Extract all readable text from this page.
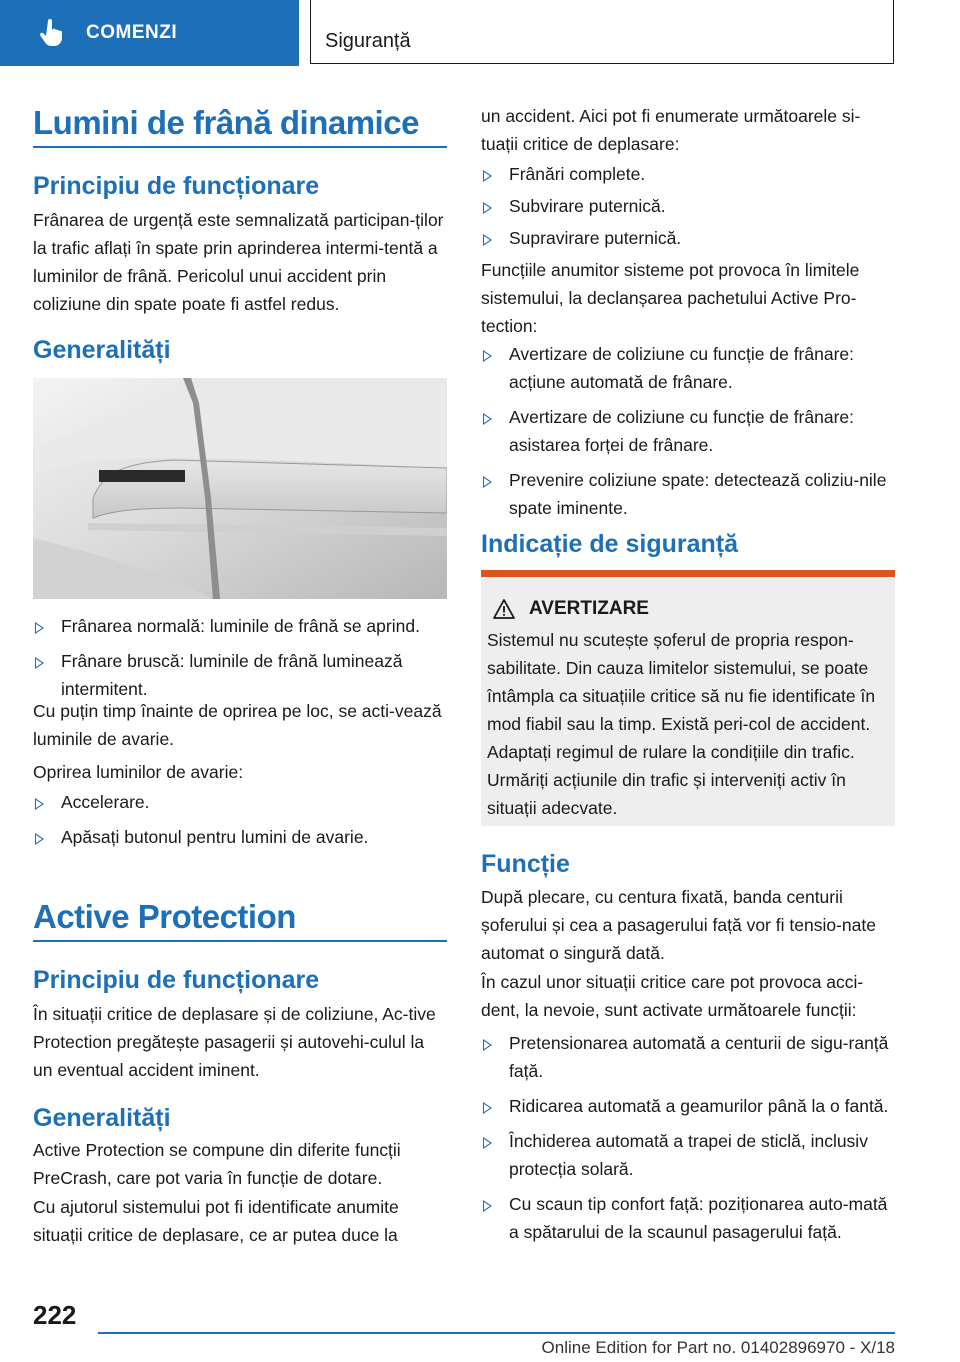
COMENZI	Siguranță
Lumini de frână dinamice
Principiu de funcționare

Frânarea de urgență este semnalizată participan-ților la trafic aflați în spate prin aprinderea intermi-tentă a luminilor de frână. Pericolul unui accident prin coliziune din spate poate fi astfel redus.

Generalități
Frânarea normală: luminile de frână se aprind.
Frânare bruscă: luminile de frână luminează intermitent.

Cu puțin timp înainte de oprirea pe loc, se acti-vează luminile de avarie.

Oprirea luminilor de avarie:

Accelerare.
Apăsați butonul pentru lumini de avarie.
Active Protection
Principiu de funcționare

În situații critice de deplasare și de coliziune, Ac-tive Protection pregătește pasagerii și autovehi-culul la un eventual accident iminent.

Generalități

Active Protection se compune din diferite funcții PreCrash, care pot varia în funcție de dotare.

Cu ajutorul sistemului pot fi identificate anumite situații critice de deplasare, ce ar putea duce la

un accident. Aici pot fi enumerate următoarele si-tuații critice de deplasare:

Frânări complete.
Subvirare puternică.
Supravirare puternică.

Funcțiile anumitor sisteme pot provoca în limitele sistemului, la declanșarea pachetului Active Pro-tection:

Avertizare de coliziune cu funcție de frânare: acțiune automată de frânare.
Avertizare de coliziune cu funcție de frânare: asistarea forței de frânare.
Prevenire coliziune spate: detectează coliziu-nile spate iminente.
Indicație de siguranță
Funcție

După plecare, cu centura fixată, banda centurii șoferului și cea a pasagerului față vor fi tensio-nate automat o singură dată.

În cazul unor situații critice care pot provoca acci-dent, la nevoie, sunt activate următoarele funcții:

Pretensionarea automată a centurii de sigu-ranță față.
Ridicarea automată a geamurilor până la o fantă.
Închiderea automată a trapei de sticlă, inclusiv protecția solară.
Cu scaun tip confort față: poziționarea auto-mată a spătarului de la scaunul pasagerului față.
AVERTIZARE
Sistemul nu scutește șoferul de propria respon-sabilitate. Din cauza limitelor sistemului, se poate întâmpla ca situațiile critice să nu fie identificate în mod fiabil sau la timp. Există peri-col de accident. Adaptați regimul de rulare la condițiile din trafic. Urmăriți acțiunile din trafic și interveniți activ în situații adecvate.
222
Online Edition for Part no. 01402896970 - X/18
